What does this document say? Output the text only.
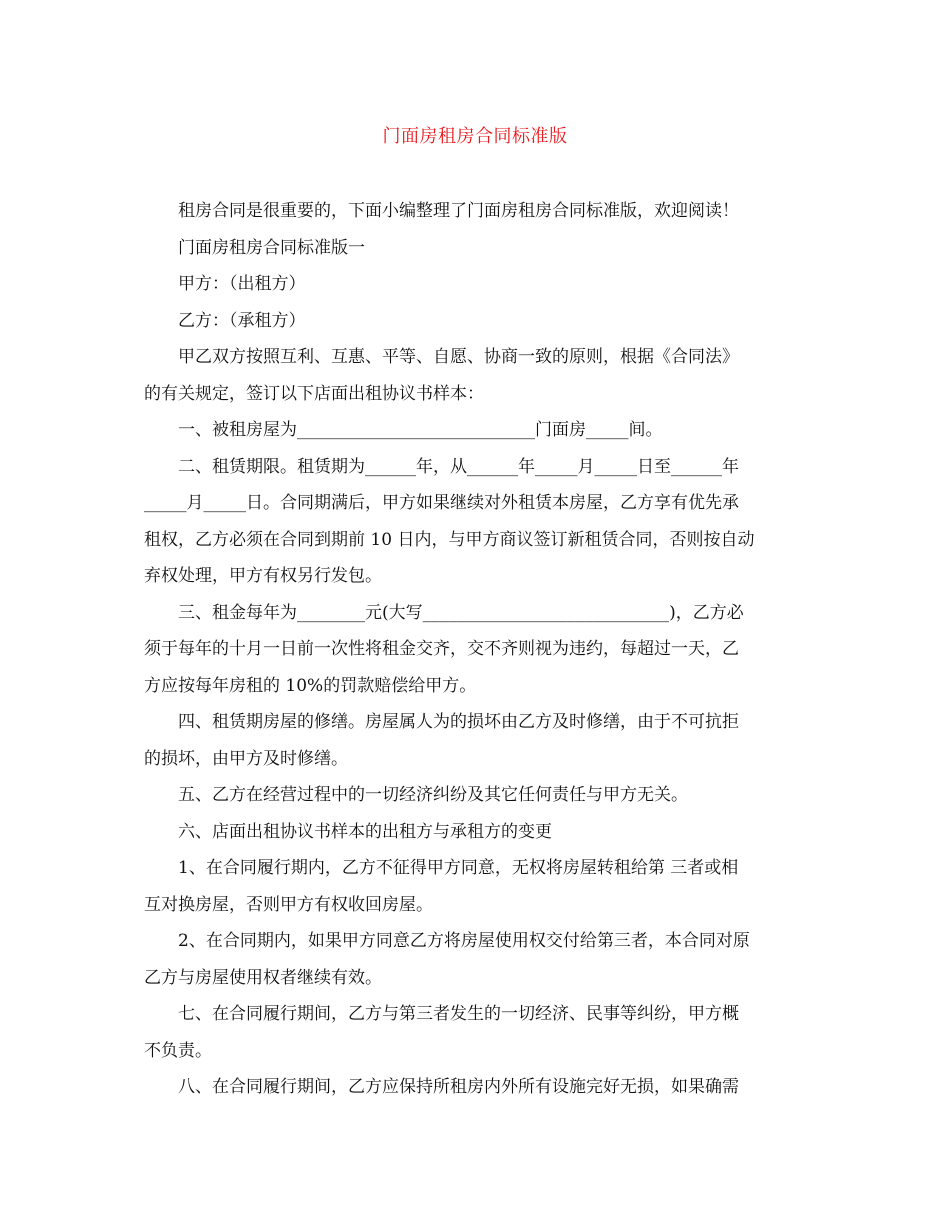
门面房租房合同标准版
租房合同是很重要的，下面小编整理了门面房租房合同标准版，欢迎阅读！
门面房租房合同标准版一
甲方：（出租方）
乙方：（承租方）
甲乙双方按照互利、互惠、平等、自愿、协商一致的原则，根据《合同法》
的有关规定，签订以下店面出租协议书样本：
一、被租房屋为____________________________门面房_____间。
二、租赁期限。租赁期为______年，从______年_____月_____日至______年
_____月_____日。合同期满后，甲方如果继续对外租赁本房屋，乙方享有优先承
租权，乙方必须在合同到期前 10 日内，与甲方商议签订新租赁合同，否则按自动
弃权处理，甲方有权另行发包。
三、租金每年为________元(大写_____________________________)，乙方必
须于每年的十月一日前一次性将租金交齐，交不齐则视为违约，每超过一天，乙
方应按每年房租的 10%的罚款赔偿给甲方。
四、租赁期房屋的修缮。房屋属人为的损坏由乙方及时修缮，由于不可抗拒
的损坏，由甲方及时修缮。
五、乙方在经营过程中的一切经济纠纷及其它任何责任与甲方无关。
六、店面出租协议书样本的出租方与承租方的变更
1、在合同履行期内，乙方不征得甲方同意，无权将房屋转租给第 三者或相
互对换房屋，否则甲方有权收回房屋。
2、在合同期内，如果甲方同意乙方将房屋使用权交付给第三者，本合同对原
乙方与房屋使用权者继续有效。
七、在合同履行期间，乙方与第三者发生的一切经济、民事等纠纷，甲方概
不负责。
八、在合同履行期间，乙方应保持所租房内外所有设施完好无损，如果确需
